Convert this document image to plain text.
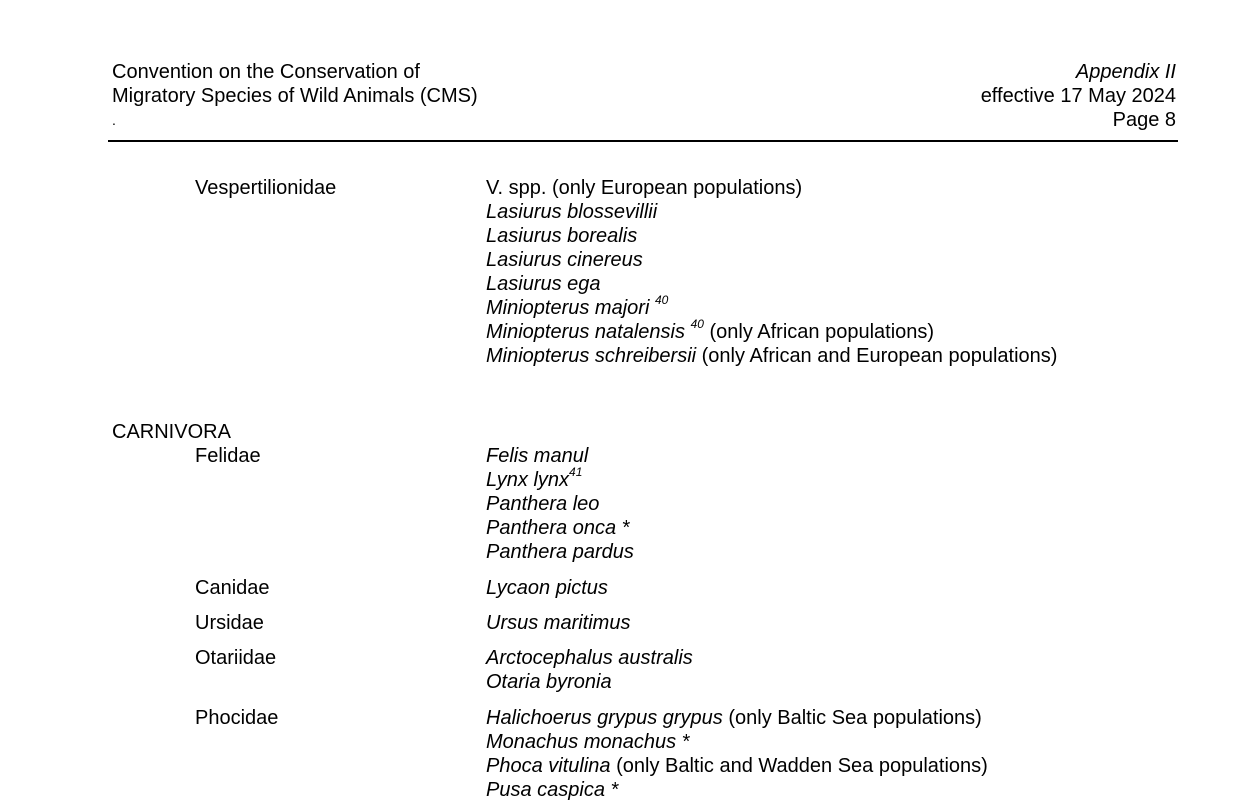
Convention on the Conservation of
Migratory Species of Wild Animals (CMS)
.
Appendix II
effective 17 May 2024
Page 8
Vespertilionidae	V. spp. (only European populations)
Lasiurus blossevillii
Lasiurus borealis
Lasiurus cinereus
Lasiurus ega
Miniopterus majori $^{40}$
Miniopterus natalensis $^{40}$ (only African populations)
Miniopterus schreibersii (only African and European populations)
CARNIVORA
Felidae	Felis manul
Lynx lynx$^{41}$
Panthera leo
Panthera onca *
Panthera pardus
Canidae	Lycaon pictus
Ursidae	Ursus maritimus
Otariidae	Arctocephalus australis
Otaria byronia
Phocidae	Halichoerus grypus grypus (only Baltic Sea populations)
Monachus monachus *
Phoca vitulina (only Baltic and Wadden Sea populations)
Pusa caspica *
